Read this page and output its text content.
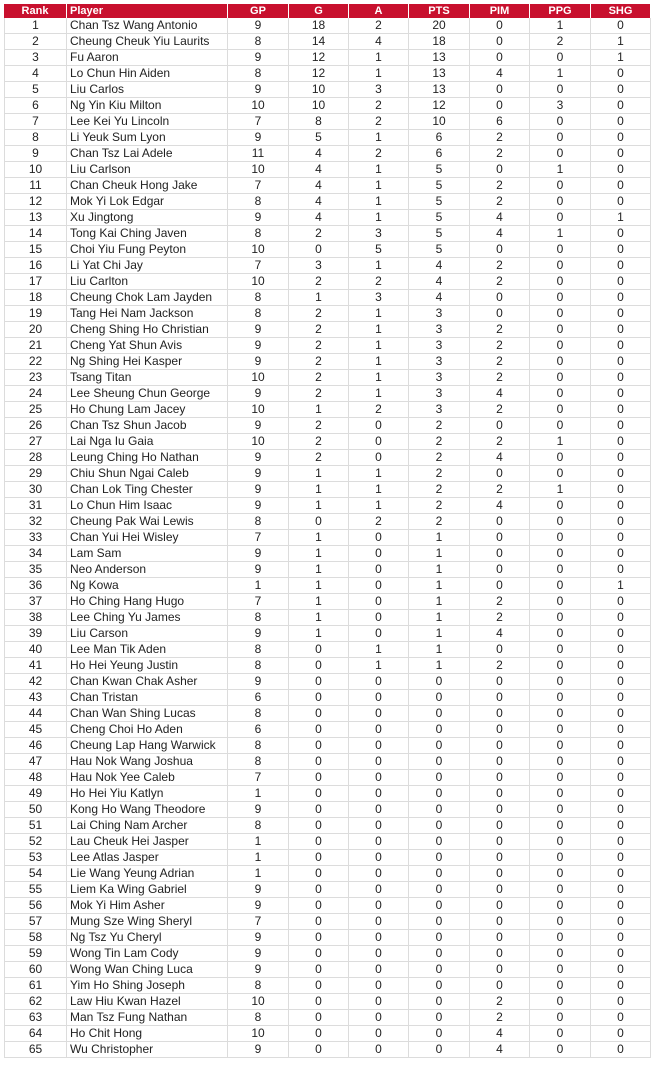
Rank	Player	GP	G	A	PTS	PIM	PPG	SHG
1	Chan Tsz Wang Antonio	9	18	2	20	0	1	0
2	Cheung Cheuk Yiu Laurits	8	14	4	18	0	2	1
3	Fu Aaron	9	12	1	13	0	0	1
4	Lo Chun Hin Aiden	8	12	1	13	4	1	0
5	Liu Carlos	9	10	3	13	0	0	0
6	Ng Yin Kiu Milton	10	10	2	12	0	3	0
7	Lee Kei Yu Lincoln	7	8	2	10	6	0	0
8	Li Yeuk Sum Lyon	9	5	1	6	2	0	0
9	Chan Tsz Lai Adele	11	4	2	6	2	0	0
10	Liu Carlson	10	4	1	5	0	1	0
11	Chan Cheuk Hong Jake	7	4	1	5	2	0	0
12	Mok Yi Lok Edgar	8	4	1	5	2	0	0
13	Xu Jingtong	9	4	1	5	4	0	1
14	Tong Kai Ching Javen	8	2	3	5	4	1	0
15	Choi Yiu Fung Peyton	10	0	5	5	0	0	0
16	Li Yat Chi Jay	7	3	1	4	2	0	0
17	Liu Carlton	10	2	2	4	2	0	0
18	Cheung Chok Lam Jayden	8	1	3	4	0	0	0
19	Tang Hei Nam Jackson	8	2	1	3	0	0	0
20	Cheng Shing Ho Christian	9	2	1	3	2	0	0
21	Cheng Yat Shun Avis	9	2	1	3	2	0	0
22	Ng Shing Hei Kasper	9	2	1	3	2	0	0
23	Tsang Titan	10	2	1	3	2	0	0
24	Lee Sheung Chun George	9	2	1	3	4	0	0
25	Ho Chung Lam Jacey	10	1	2	3	2	0	0
26	Chan Tsz Shun Jacob	9	2	0	2	0	0	0
27	Lai Nga Iu Gaia	10	2	0	2	2	1	0
28	Leung Ching Ho Nathan	9	2	0	2	4	0	0
29	Chiu Shun Ngai Caleb	9	1	1	2	0	0	0
30	Chan Lok Ting Chester	9	1	1	2	2	1	0
31	Lo Chun Him Isaac	9	1	1	2	4	0	0
32	Cheung Pak Wai Lewis	8	0	2	2	0	0	0
33	Chan Yui Hei Wisley	7	1	0	1	0	0	0
34	Lam Sam	9	1	0	1	0	0	0
35	Neo Anderson	9	1	0	1	0	0	0
36	Ng Kowa	1	1	0	1	0	0	1
37	Ho Ching Hang Hugo	7	1	0	1	2	0	0
38	Lee Ching Yu James	8	1	0	1	2	0	0
39	Liu Carson	9	1	0	1	4	0	0
40	Lee Man Tik Aden	8	0	1	1	0	0	0
41	Ho Hei Yeung Justin	8	0	1	1	2	0	0
42	Chan Kwan Chak Asher	9	0	0	0	0	0	0
43	Chan Tristan	6	0	0	0	0	0	0
44	Chan Wan Shing Lucas	8	0	0	0	0	0	0
45	Cheng Choi Ho Aden	6	0	0	0	0	0	0
46	Cheung Lap Hang Warwick	8	0	0	0	0	0	0
47	Hau Nok Wang Joshua	8	0	0	0	0	0	0
48	Hau Nok Yee Caleb	7	0	0	0	0	0	0
49	Ho Hei Yiu Katlyn	1	0	0	0	0	0	0
50	Kong Ho Wang Theodore	9	0	0	0	0	0	0
51	Lai Ching Nam Archer	8	0	0	0	0	0	0
52	Lau Cheuk Hei Jasper	1	0	0	0	0	0	0
53	Lee Atlas Jasper	1	0	0	0	0	0	0
54	Lie Wang Yeung Adrian	1	0	0	0	0	0	0
55	Liem Ka Wing Gabriel	9	0	0	0	0	0	0
56	Mok Yi Him Asher	9	0	0	0	0	0	0
57	Mung Sze Wing Sheryl	7	0	0	0	0	0	0
58	Ng Tsz Yu Cheryl	9	0	0	0	0	0	0
59	Wong Tin Lam Cody	9	0	0	0	0	0	0
60	Wong Wan Ching Luca	9	0	0	0	0	0	0
61	Yim Ho Shing Joseph	8	0	0	0	0	0	0
62	Law Hiu Kwan Hazel	10	0	0	0	2	0	0
63	Man Tsz Fung Nathan	8	0	0	0	2	0	0
64	Ho Chit Hong	10	0	0	0	4	0	0
65	Wu Christopher	9	0	0	0	4	0	0
